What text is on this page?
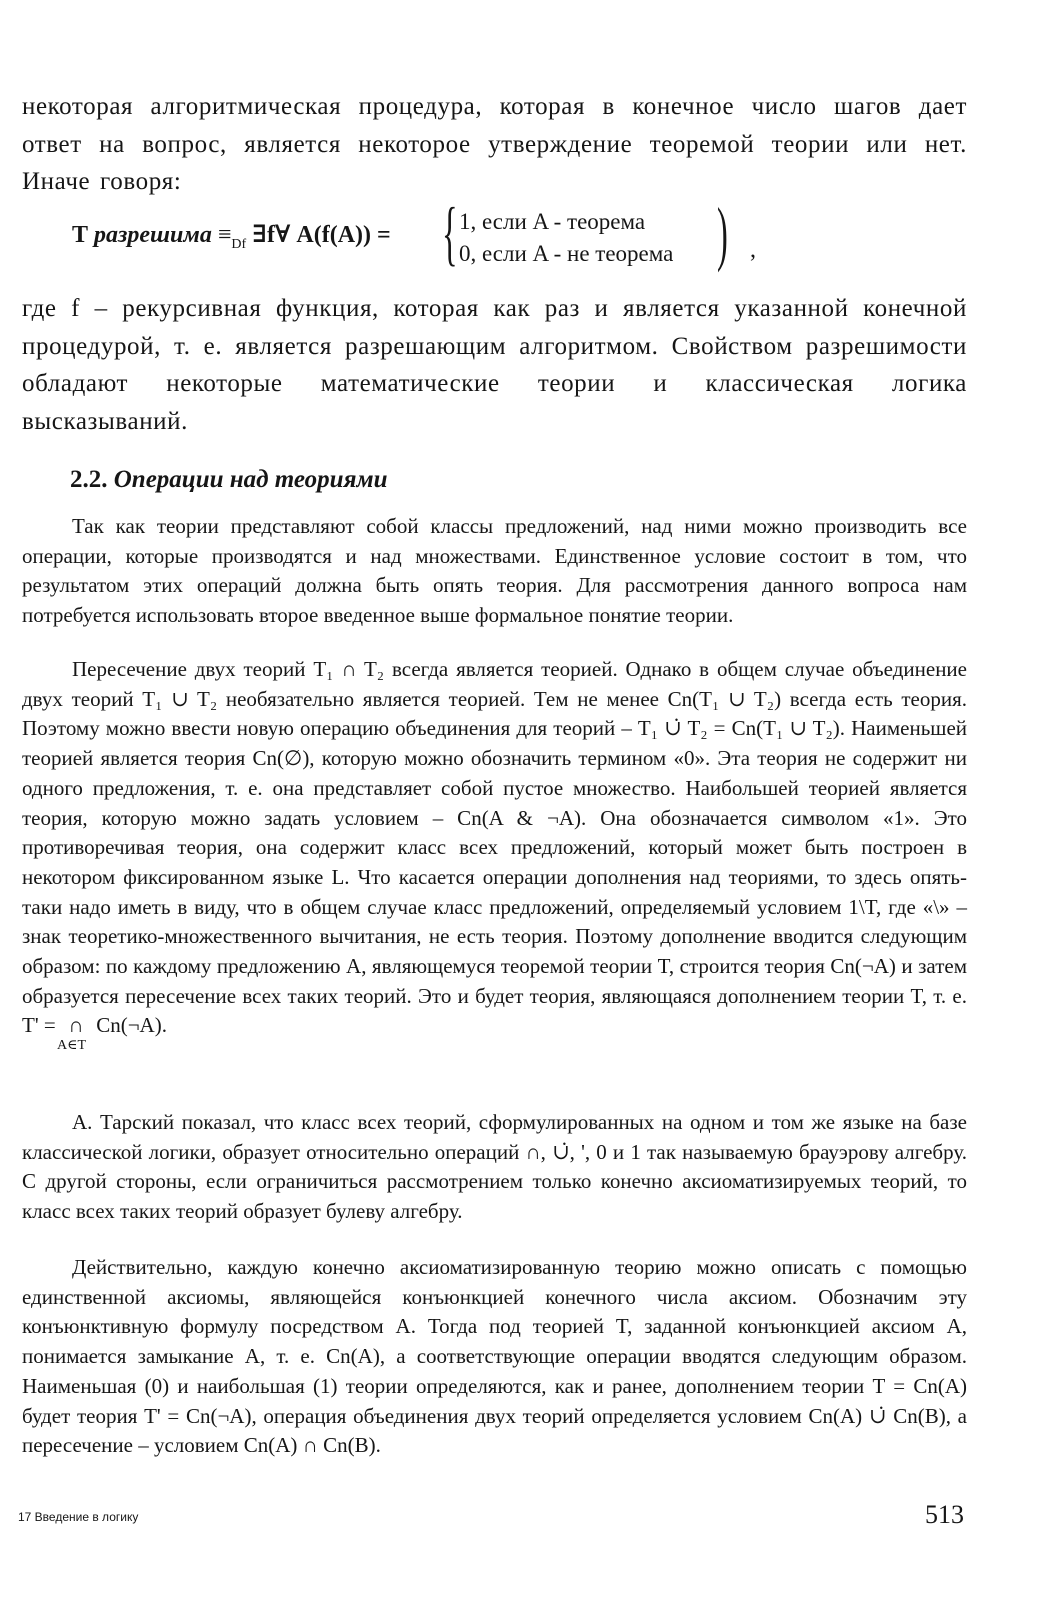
некоторая алгоритмическая процедура, которая в конечное число шагов дает ответ на вопрос, является некоторое утверждение теоремой теории или нет. Иначе говоря:
Т разрешима $\equiv_{Df}$ ∃f∀ A(f(A)) = { 1, если A - теорема
0, если A - не теорема ) ,
где f – рекурсивная функция, которая как раз и является указанной конечной процедурой, т. е. является разрешающим алгоритмом. Свойством разрешимости обладают некоторые математические теории и классическая логика высказываний.
2.2. Операции над теориями
Так как теории представляют собой классы предложений, над ними можно производить все операции, которые производятся и над множествами. Единственное условие состоит в том, что результатом этих операций должна быть опять теория. Для рассмотрения данного вопроса нам потребуется использовать второе введенное выше формальное понятие теории.
Пересечение двух теорий T₁ ∩ T₂ всегда является теорией. Однако в общем случае объединение двух теорий T₁ ∪ T₂ необязательно является теорией. Тем не менее Cn(T₁ ∪ T₂) всегда есть теория. Поэтому можно ввести новую операцию объединения для теорий – T₁ ∪̇ T₂ = Cn(T₁ ∪ T₂). Наименьшей теорией является теория Cn(∅), которую можно обозначить термином «0». Эта теория не содержит ни одного предложения, т. е. она представляет собой пустое множество. Наибольшей теорией является теория, которую можно задать условием – Cn(A & ¬A). Она обозначается символом «1». Это противоречивая теория, она содержит класс всех предложений, который может быть построен в некотором фиксированном языке L. Что касается операции дополнения над теориями, то здесь опять-таки надо иметь в виду, что в общем случае класс предложений, определяемый условием 1\T, где «\» – знак теоретико-множественного вычитания, не есть теория. Поэтому дополнение вводится следующим образом: по каждому предложению A, являющемуся теоремой теории T, строится теория Cn(¬A) и затем образуется пересечение всех таких теорий. Это и будет теория, являющаяся дополнением теории T, т. е. T' = ∩
A∈T
Cn(¬A).
А. Тарский показал, что класс всех теорий, сформулированных на одном и том же языке на базе классической логики, образует относительно операций ∩, ∪̇, ', 0 и 1 так называемую брауэрову алгебру. С другой стороны, если ограничиться рассмотрением только конечно аксиоматизируемых теорий, то класс всех таких теорий образует булеву алгебру.
Действительно, каждую конечно аксиоматизированную теорию можно описать с помощью единственной аксиомы, являющейся конъюнкцией конечного числа аксиом. Обозначим эту конъюнктивную формулу посредством A. Тогда под теорией T, заданной конъюнкцией аксиом A, понимается замыкание A, т. е. Cn(A), а соответствующие операции вводятся следующим образом. Наименьшая (0) и наибольшая (1) теории определяются, как и ранее, дополнением теории T = Cn(A) будет теория T' = Cn(¬A), операция объединения двух теорий определяется условием Cn(A) ∪̇ Cn(B), а пересечение – условием Cn(A) ∩ Cn(B).
17 Введение в логику	513
